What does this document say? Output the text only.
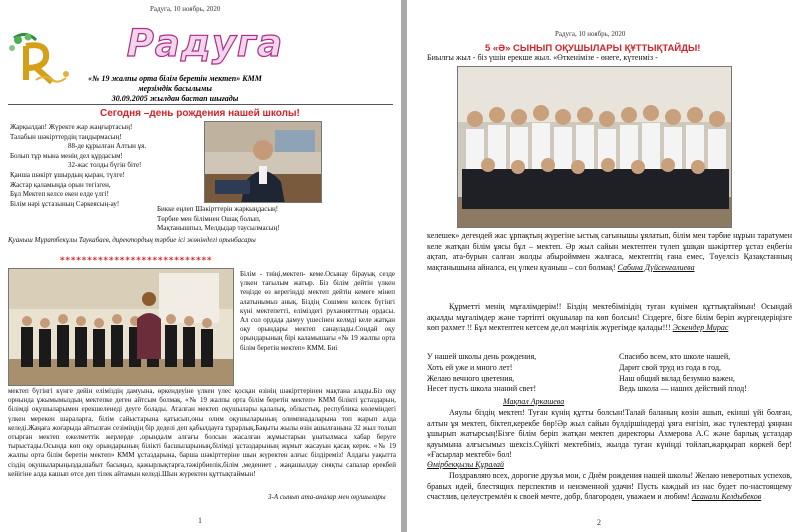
Радуга, 10 ноябрь, 2020
Радуга
«№ 19 жалпы орта білім беретін мектеп» КММ
мерзімдік басылымы
30.09.2005 жылдан бастап шығады
Сегодня –день рождения нашей школы!
Жарқылдап! Жүректе жар жаңғыртасың!
Талабын шәкірттердің таңдырмасың!
88-де құрылған Алтын ұя.
Болып тұр мына менің дел құрдасым!
32-жас толды бүгін біте!
Қанша шәкірт ұшырдың қыран, түлге!
Жастар қаламыңда орын тегізген,
Бұл Мектеп келсе екен елде үлгі!
Білім нәрі ұстазының Сәркеясың-ау!
Бикке еңлеп Шәкірттерін жаркыңдасың!
Төрбие мен білімнен Ошақ болып,
Мақтанышпыз, Мелдыдар таусылмасың!
Қуаныш Мұратбекұлы Таукабаев, директордың тәрбие ісі жөніндегі орынбасары
****************************
Білім - тиіңі,мектеп- кеме.Осынау бірауық сезде үлкен тағылым жатыр. Біз білім дейтін үлкен теңізде өз керегіндді мектеп дейтін кемеге мінеп алатынымыз анық. Біздің Сошмен келсек бүгінгі күні мектепетті, еліміздегі руханиятттың ордасы. Ал сол ордада дамуу үшесінен келмді келе жатқан оқу орындары мектеп санаулады.Сондай оқу орындарының бірі каламышағы «№ 19 жалпы орта білім беретін мектеп» КММ. Биі
мектеп бүгінгі күнге дейін еліміздің дамуына, өркендеуіне үлкен үлес қосқан өзінің шәкірттерінен мақтана алады.Біз оқу орнында ұжымымыздың мектепке деген айтсым болмақ. «№ 19 жалпы орта білім беретін мектеп» КММ білікті ұстаздарын, білімді оқушыларымен ерекшеленеді деуге болады. Аталған мектеп оқушылары қалалық, облыстық, республика көлеміндегі үлкен мерекен шараларға, білім сайыстарына қатысып,оны олим оқушыларының олимпиадаларына топ жарып алда келеді.Жаңаға жоғарыда айтылған сезіміндің бір деделі деп қабылдауға тұрарлық.Бақыты жылы өзін ашылғанына 32 жыл толып отырған мектеп ежелметтік жерлерде ,орындалм алғағы болсын жасалған жұмыстарын ұнатылмаса хабар беруге тырыстады.Осында көп оқу орындарының білікті басшыларының,білімді ұстаздарының жұмыт жасауын қасақ керек. «№ 19 жалпы орта білім беретін мектеп» КММ ұстаздарына, барша шәкірттеріне шын жүректен алғыс білдіреміз! Алдағы уақытта сіздің оқушыларыңызда,шабыт басыңыз, қажырлықтарға,тәжірбиелік,білім ,медениет , жаңашылдау сияқты сапалар ерекбей кейігіне алда кашып өтсе деп тілек айтамын келеді.Шын жүректен құттықтаймын!
3-А сынып ата-аналар мен оқушылары
1
Радуга, 10 ноябрь, 2020
5 «Ә» СЫНЫП ОҚУШЫЛАРЫ ҚҰТТЫҚТАЙДЫ!
Биылғы жыл - біз үшін ерекше жыл. «Өткенімізе - өнеге, күтенміз -
келешек» дегендей жас ұрпақтың жүрегіне ыстық сағынышы ұялатып, білім мен тәрбие нұрын таратумен келе жатқан білім ұясы бұл – мектеп. Әр жыл сайын мектептен түлеп ұшқан шәкірттер ұстаз еңбегін ақтап, ата-бурын салған жолды абыройммен жалғаса, мектептің ғана емес, Төуелсіз Қазақстанның мақтанышына айналса, ең үлкен қуаныш – сол болмақ! Сабина Дүйсенғалиева
Құрметті менің мұғалімдерім!! Біздің мектебімізідің туған күнімен құттықтаймын! Осындай ақылды мұғалімдер және тәртіпті оқушылар па көп болсын! Сіздерге, бізге білім беріп жүргендеріңізге көп рахмет !! Бұл мектептен кетсем де,ол мәңгілік жүрегімде қалады!!! Эскендер Мирас
У нашей школы день рождения,
Хоть ей уже и много лет!
Желаю вечного цветения,
Несет пусть школа знаний свет!
Спасибо всем, кто школе нашей,
Дарит свой труд из года в год,
Наш общий вклад безумно важен,
Ведь школа — наших действий плод!
Мақпал Аркашева
Аяулы біздің мектеп! Туған күнің құтты болсын!Талай баланың көзін ашып, екінші үйі болған, алтын ұя мектеп, біктеп,керекбе бөр!Әр жыл сайын бүлдіршіндерді ұяға енгізіп, жас түлектерді ұяңнан ұшырып жатырсың!Бізге білім беріп жатқан мектеп директоры Ахмерова А.С және барлық ұстаздар қауымына алғысымыз шексіз.Сүйікті мектебіміз, жылда туған күніңді тойлап,жарқырап көркей бер! «Ғасырлар мектебі» бол!
Өмірбекқызы Құралай
Поздравляю всех, дорогие друзья мои, с Днём рождения нашей школы! Желаю неверотных успехов, бравых идей, блестящих перспектив и неизменной удачи! Пусть каждый из нас будет по-настоящему счастлив, целеустремлён к своей мечте, добр, благороден, уважаем и любим! Асанали Келдыбеков
2
